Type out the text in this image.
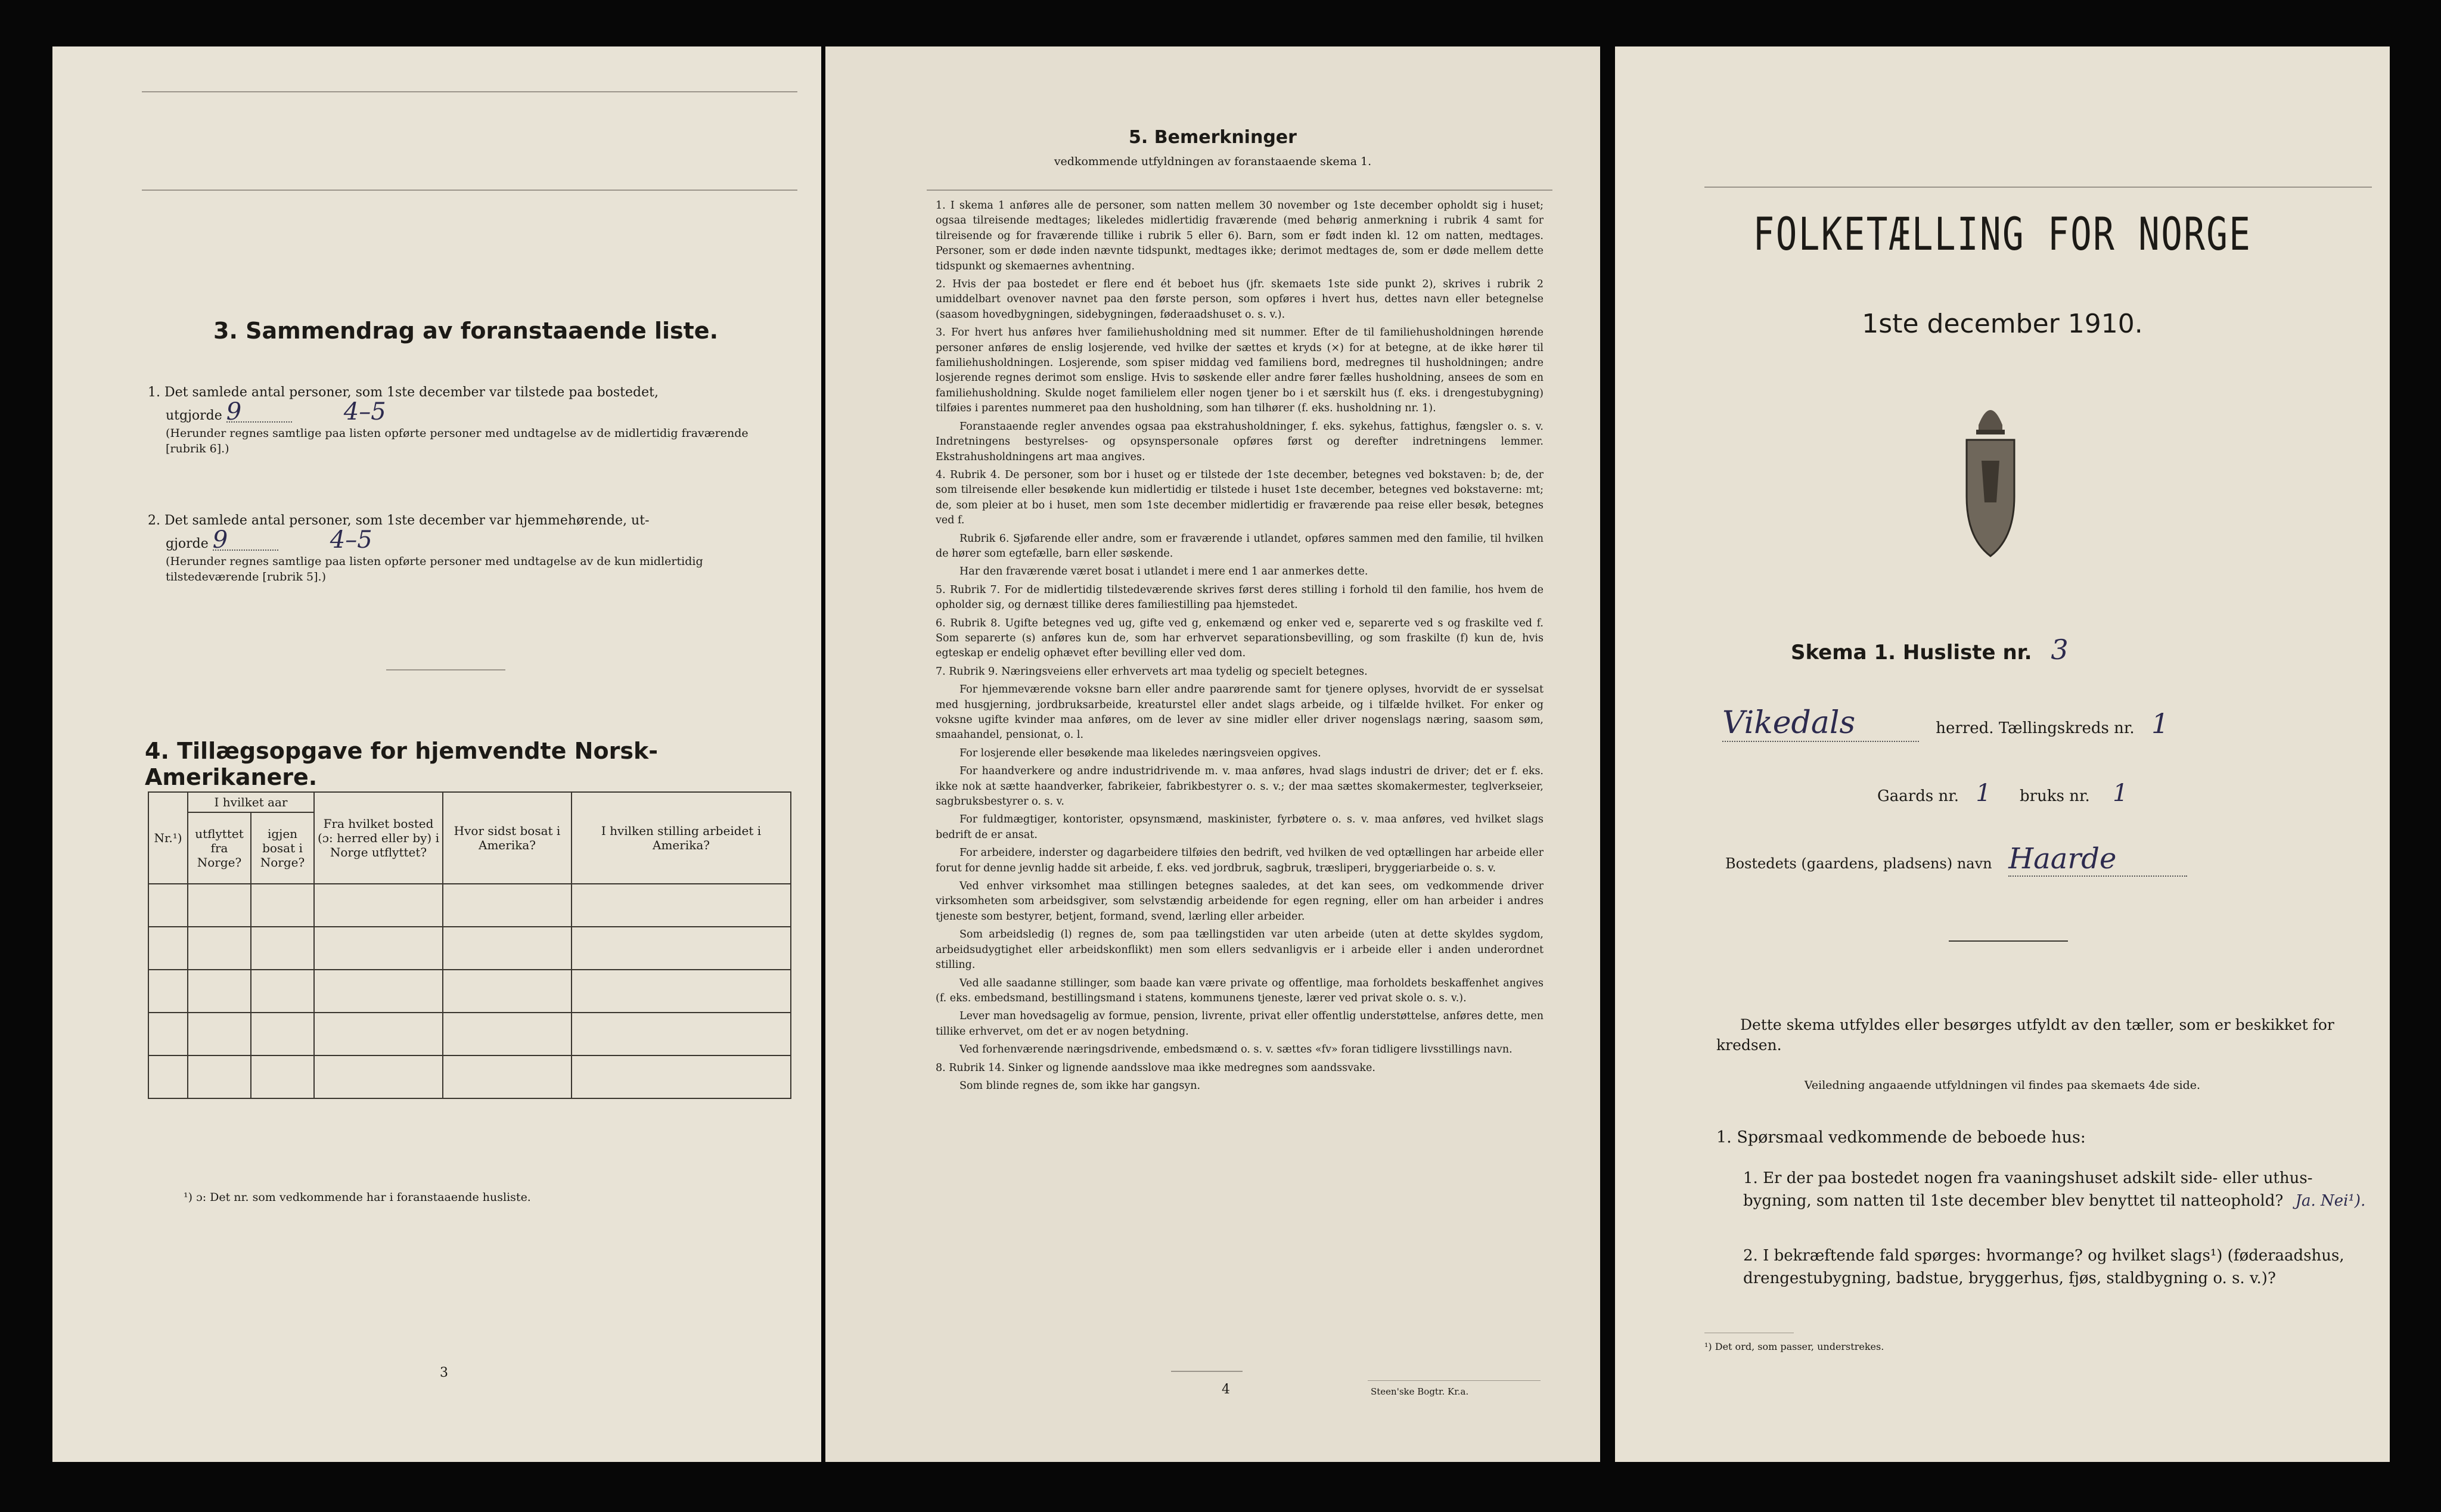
3. Sammendrag av foranstaaende liste.
1. Det samlede antal personer, som 1ste december var tilstede paa bostedet,
utgjorde 9	4–5
(Herunder regnes samtlige paa listen opførte personer med undtagelse av de midlertidig fraværende [rubrik 6].)
2. Det samlede antal personer, som 1ste december var hjemmehørende, ut-
gjorde 9	4–5
(Herunder regnes samtlige paa listen opførte personer med undtagelse av de kun midlertidig tilstedeværende [rubrik 5].)
4. Tillægsopgave for hjemvendte Norsk-Amerikanere.
Nr.¹)	I hvilket aar		Fra hvilket bosted (ɔ: herred eller by) i Norge utflyttet?	Hvor sidst bosat i Amerika?	I hvilken stilling arbeidet i Amerika?
	utflyttet fra Norge?	igjen bosat i Norge?			

¹) ɔ: Det nr. som vedkommende har i foranstaaende husliste.
3
5. Bemerkninger
vedkommende utfyldningen av foranstaaende skema 1.

1. I skema 1 anføres alle de personer, som natten mellem 30 november og 1ste december opholdt sig i huset; ogsaa tilreisende medtages; likeledes midlertidig fraværende (med behørig anmerkning i rubrik 4 samt for tilreisende og for fraværende tillike i rubrik 5 eller 6). Barn, som er født inden kl. 12 om natten, medtages. Personer, som er døde inden nævnte tidspunkt, medtages ikke; derimot medtages de, som er døde mellem dette tidspunkt og skemaernes avhentning.

2. Hvis der paa bostedet er flere end ét beboet hus (jfr. skemaets 1ste side punkt 2), skrives i rubrik 2 umiddelbart ovenover navnet paa den første person, som opføres i hvert hus, dettes navn eller betegnelse (saasom hovedbygningen, sidebygningen, føderaadshuset o. s. v.).

3. For hvert hus anføres hver familiehusholdning med sit nummer. Efter de til familiehusholdningen hørende personer anføres de enslig losjerende, ved hvilke der sættes et kryds (×) for at betegne, at de ikke hører til familiehusholdningen. Losjerende, som spiser middag ved familiens bord, medregnes til husholdningen; andre losjerende regnes derimot som enslige. Hvis to søskende eller andre fører fælles husholdning, ansees de som en familiehusholdning. Skulde noget familielem eller nogen tjener bo i et særskilt hus (f. eks. i drengestubygning) tilføies i parentes nummeret paa den husholdning, som han tilhører (f. eks. husholdning nr. 1).

Foranstaaende regler anvendes ogsaa paa ekstrahusholdninger, f. eks. sykehus, fattighus, fængsler o. s. v. Indretningens bestyrelses- og opsynspersonale opføres først og derefter indretningens lemmer. Ekstrahusholdningens art maa angives.

4. Rubrik 4. De personer, som bor i huset og er tilstede der 1ste december, betegnes ved bokstaven: b; de, der som tilreisende eller besøkende kun midlertidig er tilstede i huset 1ste december, betegnes ved bokstaverne: mt; de, som pleier at bo i huset, men som 1ste december midlertidig er fraværende paa reise eller besøk, betegnes ved f.

Rubrik 6. Sjøfarende eller andre, som er fraværende i utlandet, opføres sammen med den familie, til hvilken de hører som egtefælle, barn eller søskende.

Har den fraværende været bosat i utlandet i mere end 1 aar anmerkes dette.

5. Rubrik 7. For de midlertidig tilstedeværende skrives først deres stilling i forhold til den familie, hos hvem de opholder sig, og dernæst tillike deres familiestilling paa hjemstedet.

6. Rubrik 8. Ugifte betegnes ved ug, gifte ved g, enkemænd og enker ved e, separerte ved s og fraskilte ved f. Som separerte (s) anføres kun de, som har erhvervet separationsbevilling, og som fraskilte (f) kun de, hvis egteskap er endelig ophævet efter bevilling eller ved dom.

7. Rubrik 9. Næringsveiens eller erhvervets art maa tydelig og specielt betegnes.

For hjemmeværende voksne barn eller andre paarørende samt for tjenere oplyses, hvorvidt de er sysselsat med husgjerning, jordbruksarbeide, kreaturstel eller andet slags arbeide, og i tilfælde hvilket. For enker og voksne ugifte kvinder maa anføres, om de lever av sine midler eller driver nogenslags næring, saasom søm, smaahandel, pensionat, o. l.

For losjerende eller besøkende maa likeledes næringsveien opgives.

For haandverkere og andre industridrivende m. v. maa anføres, hvad slags industri de driver; det er f. eks. ikke nok at sætte haandverker, fabrikeier, fabrikbestyrer o. s. v.; der maa sættes skomakermester, teglverkseier, sagbruksbestyrer o. s. v.

For fuldmægtiger, kontorister, opsynsmænd, maskinister, fyrbøtere o. s. v. maa anføres, ved hvilket slags bedrift de er ansat.

For arbeidere, inderster og dagarbeidere tilføies den bedrift, ved hvilken de ved optællingen har arbeide eller forut for denne jevnlig hadde sit arbeide, f. eks. ved jordbruk, sagbruk, træsliperi, bryggeriarbeide o. s. v.

Ved enhver virksomhet maa stillingen betegnes saaledes, at det kan sees, om vedkommende driver virksomheten som arbeidsgiver, som selvstændig arbeidende for egen regning, eller om han arbeider i andres tjeneste som bestyrer, betjent, formand, svend, lærling eller arbeider.

Som arbeidsledig (l) regnes de, som paa tællingstiden var uten arbeide (uten at dette skyldes sygdom, arbeidsudygtighet eller arbeidskonflikt) men som ellers sedvanligvis er i arbeide eller i anden underordnet stilling.

Ved alle saadanne stillinger, som baade kan være private og offentlige, maa forholdets beskaffenhet angives (f. eks. embedsmand, bestillingsmand i statens, kommunens tjeneste, lærer ved privat skole o. s. v.).

Lever man hovedsagelig av formue, pension, livrente, privat eller offentlig understøttelse, anføres dette, men tillike erhvervet, om det er av nogen betydning.

Ved forhenværende næringsdrivende, embedsmænd o. s. v. sættes «fv» foran tidligere livsstillings navn.

8. Rubrik 14. Sinker og lignende aandsslove maa ikke medregnes som aandssvake.

Som blinde regnes de, som ikke har gangsyn.

4	Steen'ske Bogtr. Kr.a.
FOLKETÆLLING FOR NORGE
1ste december 1910.
Skema 1. Husliste nr. 3
Vikedals	herred. Tællingskreds nr. 1
Gaards nr. 1 bruks nr. 1
Bostedets (gaardens, pladsens) navn Haarde
Dette skema utfyldes eller besørges utfyldt av den tæller, som er beskikket for kredsen.
Veiledning angaaende utfyldningen vil findes paa skemaets 4de side.
1. Spørsmaal vedkommende de beboede hus:
1. Er der paa bostedet nogen fra vaaningshuset adskilt side- eller uthus-bygning, som natten til 1ste december blev benyttet til natteophold? Ja. Nei¹).
2. I bekræftende fald spørges: hvormange? og hvilket slags¹) (føderaadshus, drengestubygning, badstue, bryggerhus, fjøs, staldbygning o. s. v.)?
¹) Det ord, som passer, understrekes.
